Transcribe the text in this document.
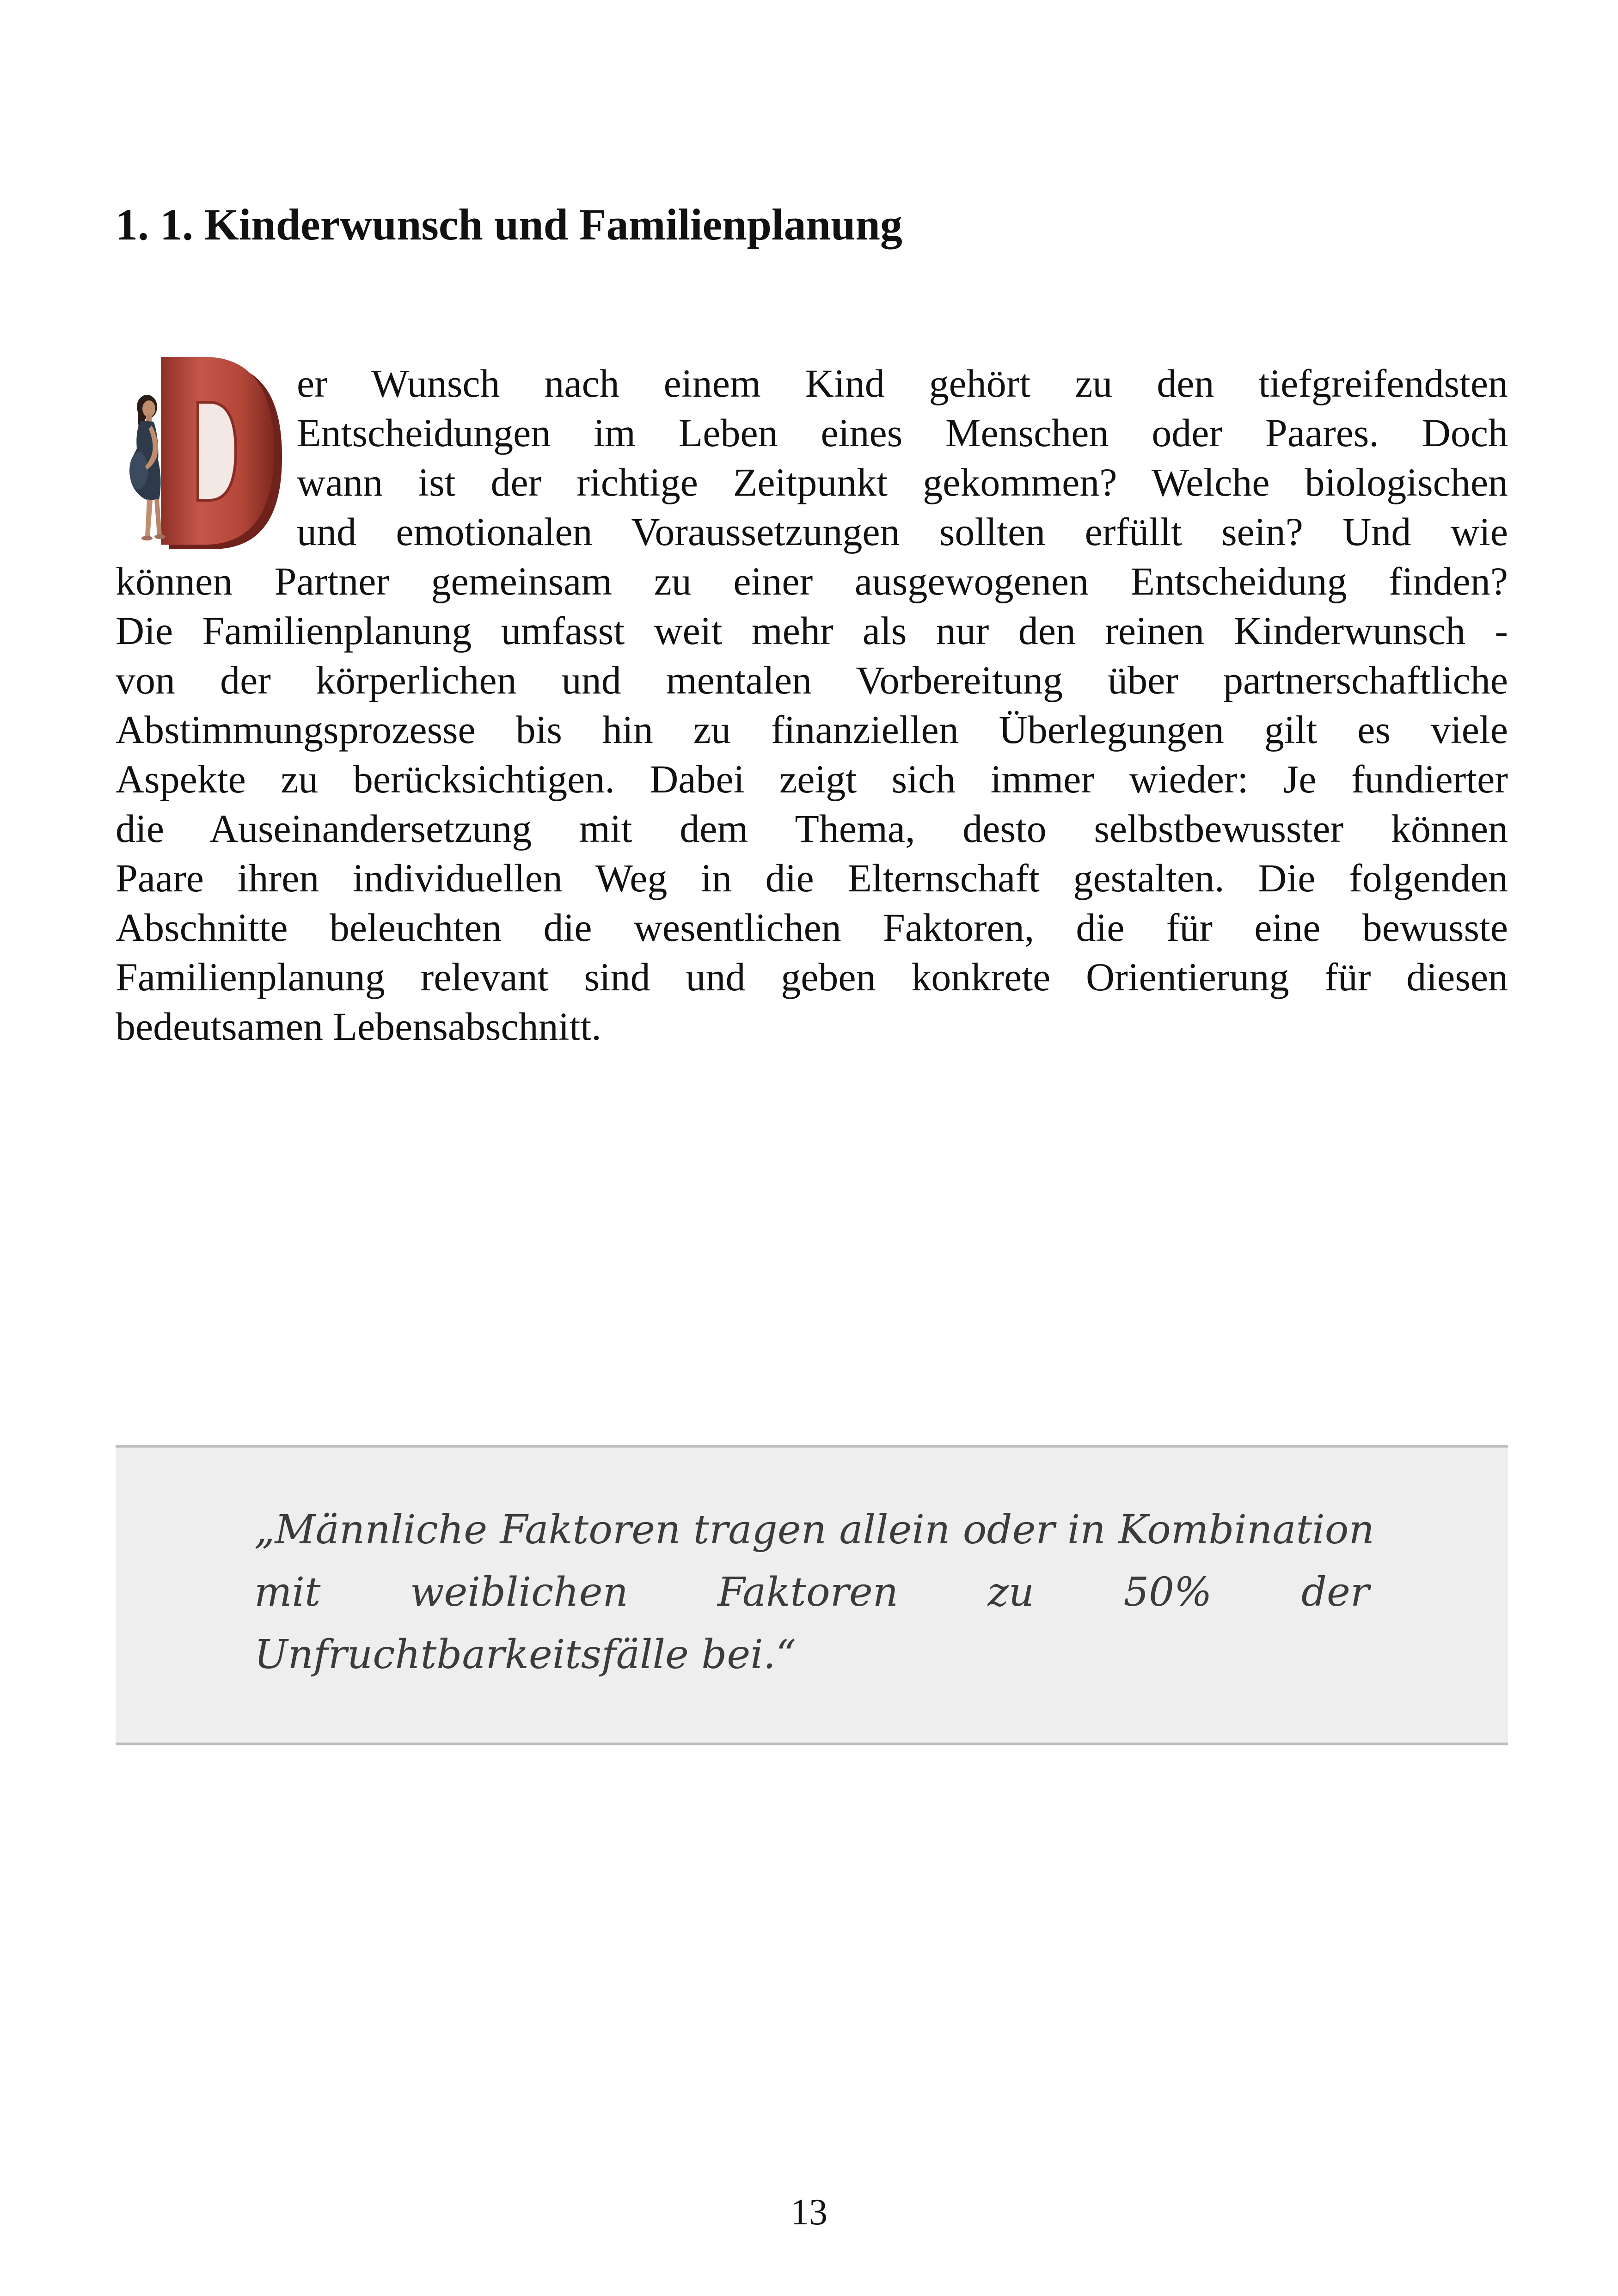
1. 1. Kinderwunsch und Familienplanung
er Wunsch nach einem Kind gehört zu den tiefgreifendsten
Entscheidungen im Leben eines Menschen oder Paares. Doch
wann ist der richtige Zeitpunkt gekommen? Welche biologischen
und emotionalen Voraussetzungen sollten erfüllt sein? Und wie
können Partner gemeinsam zu einer ausgewogenen Entscheidung finden?
Die Familienplanung umfasst weit mehr als nur den reinen Kinderwunsch -
von der körperlichen und mentalen Vorbereitung über partnerschaftliche
Abstimmungsprozesse bis hin zu finanziellen Überlegungen gilt es viele
Aspekte zu berücksichtigen. Dabei zeigt sich immer wieder: Je fundierter
die Auseinandersetzung mit dem Thema, desto selbstbewusster können
Paare ihren individuellen Weg in die Elternschaft gestalten. Die folgenden
Abschnitte beleuchten die wesentlichen Faktoren, die für eine bewusste
Familienplanung relevant sind und geben konkrete Orientierung für diesen
bedeutsamen Lebensabschnitt.
„Männliche Faktoren tragen allein oder in Kombination
mit weiblichen Faktoren zu 50% der
Unfruchtbarkeitsfälle bei.“
13
